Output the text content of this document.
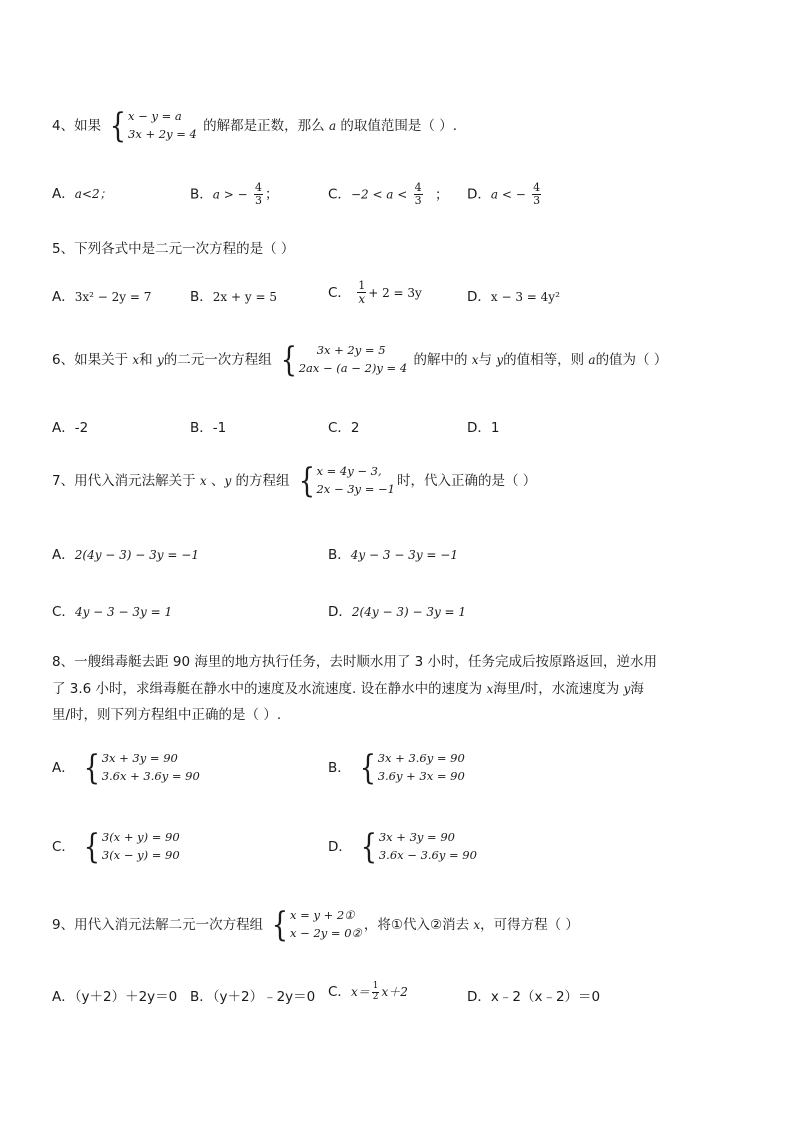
4、如果 { x − y = a
3x + 2y = 4 的解都是正数，那么 a 的取值范围是（ ）.
A．a<2；	B．a > − $\frac{4}{3}$ ；	C．$-2 < a < \frac{4}{3}$ ； D．a < − $\frac{4}{3}$
5、下列各式中是二元一次方程的是（ ）
A．3x² − 2y = 7	B．2x + y = 5	C． $\frac{1}{x} + 2 = 3y$	D．x − 3 = 4y²
6、如果关于 x和 y的二元一次方程组 {	3x + 2y = 5
2ax − (a − 2)y = 4 的解中的 x与 y的值相等，则 a的值为（ ）
A．-2	B．-1	C．2	D．1
7、用代入消元法解关于 x 、y 的方程组 { x = 4y − 3,
2x − 3y = −1 时，代入正确的是（ ）
A．2(4y − 3) − 3y = −1	B．4y − 3 − 3y = −1
C．4y − 3 − 3y = 1	D．2(4y − 3) − 3y = 1
8、一艘缉毒艇去距 90 海里的地方执行任务，去时顺水用了 3 小时，任务完成后按原路返回，逆水用
了 3.6 小时，求缉毒艇在静水中的速度及水流速度. 设在静水中的速度为 x海里/时，水流速度为 y海
里/时，则下列方程组中正确的是（ ）.
A． { 3x + 3y = 90
3.6x + 3.6y = 90	B． { 3x + 3.6y = 90
3.6y + 3x = 90
C． { 3(x + y) = 90
3(x − y) = 90	D． { 3x + 3y = 90
3.6x − 3.6y = 90
9、用代入消元法解二元一次方程组 { x = y + 2①
x − 2y = 0② ，将①代入②消去 x，可得方程（ ）
A．（y＋2）＋2y＝0 B．（y＋2）﹣2y＝0 C．$x= \frac{1}{2} x+2$	D．x﹣2（x﹣2）＝0
